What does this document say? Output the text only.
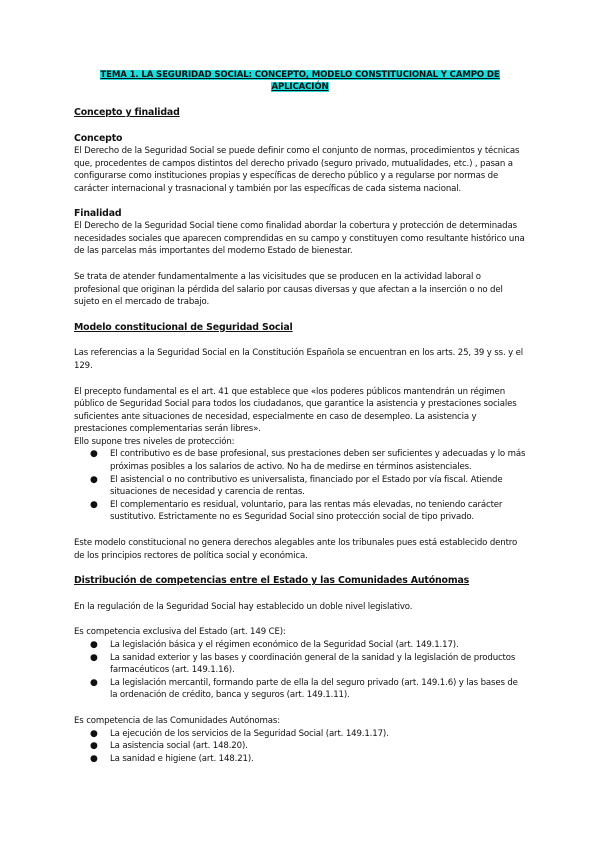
TEMA 1. LA SEGURIDAD SOCIAL: CONCEPTO, MODELO CONSTITUCIONAL Y CAMPO DE APLICACIÓN
Concepto y finalidad
Concepto

El Derecho de la Seguridad Social se puede definir como el conjunto de normas, procedimientos y técnicas que, procedentes de campos distintos del derecho privado (seguro privado, mutualidades, etc.) , pasan a configurarse como instituciones propias y específicas de derecho público y a regularse por normas de carácter internacional y trasnacional y también por las específicas de cada sistema nacional.

Finalidad

El Derecho de la Seguridad Social tiene como finalidad abordar la cobertura y protección de determinadas necesidades sociales que aparecen comprendidas en su campo y constituyen como resultante histórico una de las parcelas más importantes del moderno Estado de bienestar.

Se trata de atender fundamentalmente a las vicisitudes que se producen en la actividad laboral o profesional que originan la pérdida del salario por causas diversas y que afectan a la inserción o no del sujeto en el mercado de trabajo.

Modelo constitucional de Seguridad Social

Las referencias a la Seguridad Social en la Constitución Española se encuentran en los arts. 25, 39 y ss. y el 129.

El precepto fundamental es el art. 41 que establece que «los poderes públicos mantendrán un régimen público de Seguridad Social para todos los ciudadanos, que garantice la asistencia y prestaciones sociales suficientes ante situaciones de necesidad, especialmente en caso de desempleo. La asistencia y prestaciones complementarias serán libres».

Ello supone tres niveles de protección:

● El contributivo es de base profesional, sus prestaciones deben ser suficientes y adecuadas y lo más próximas posibles a los salarios de activo. No ha de medirse en términos asistenciales.
● El asistencial o no contributivo es universalista, financiado por el Estado por vía fiscal. Atiende situaciones de necesidad y carencia de rentas.
● El complementario es residual, voluntario, para las rentas más elevadas, no teniendo carácter sustitutivo. Estrictamente no es Seguridad Social sino protección social de tipo privado.

Este modelo constitucional no genera derechos alegables ante los tribunales pues está establecido dentro de los principios rectores de política social y económica.

Distribución de competencias entre el Estado y las Comunidades Autónomas

En la regulación de la Seguridad Social hay establecido un doble nivel legislativo.

Es competencia exclusiva del Estado (art. 149 CE):

● La legislación básica y el régimen económico de la Seguridad Social (art. 149.1.17).
● La sanidad exterior y las bases y coordinación general de la sanidad y la legislación de productos farmacéuticos (art. 149.1.16).
● La legislación mercantil, formando parte de ella la del seguro privado (art. 149.1.6) y las bases de la ordenación de crédito, banca y seguros (art. 149.1.11).

Es competencia de las Comunidades Autónomas:

● La ejecución de los servicios de la Seguridad Social (art. 149.1.17).
● La asistencia social (art. 148.20).
● La sanidad e higiene (art. 148.21).
